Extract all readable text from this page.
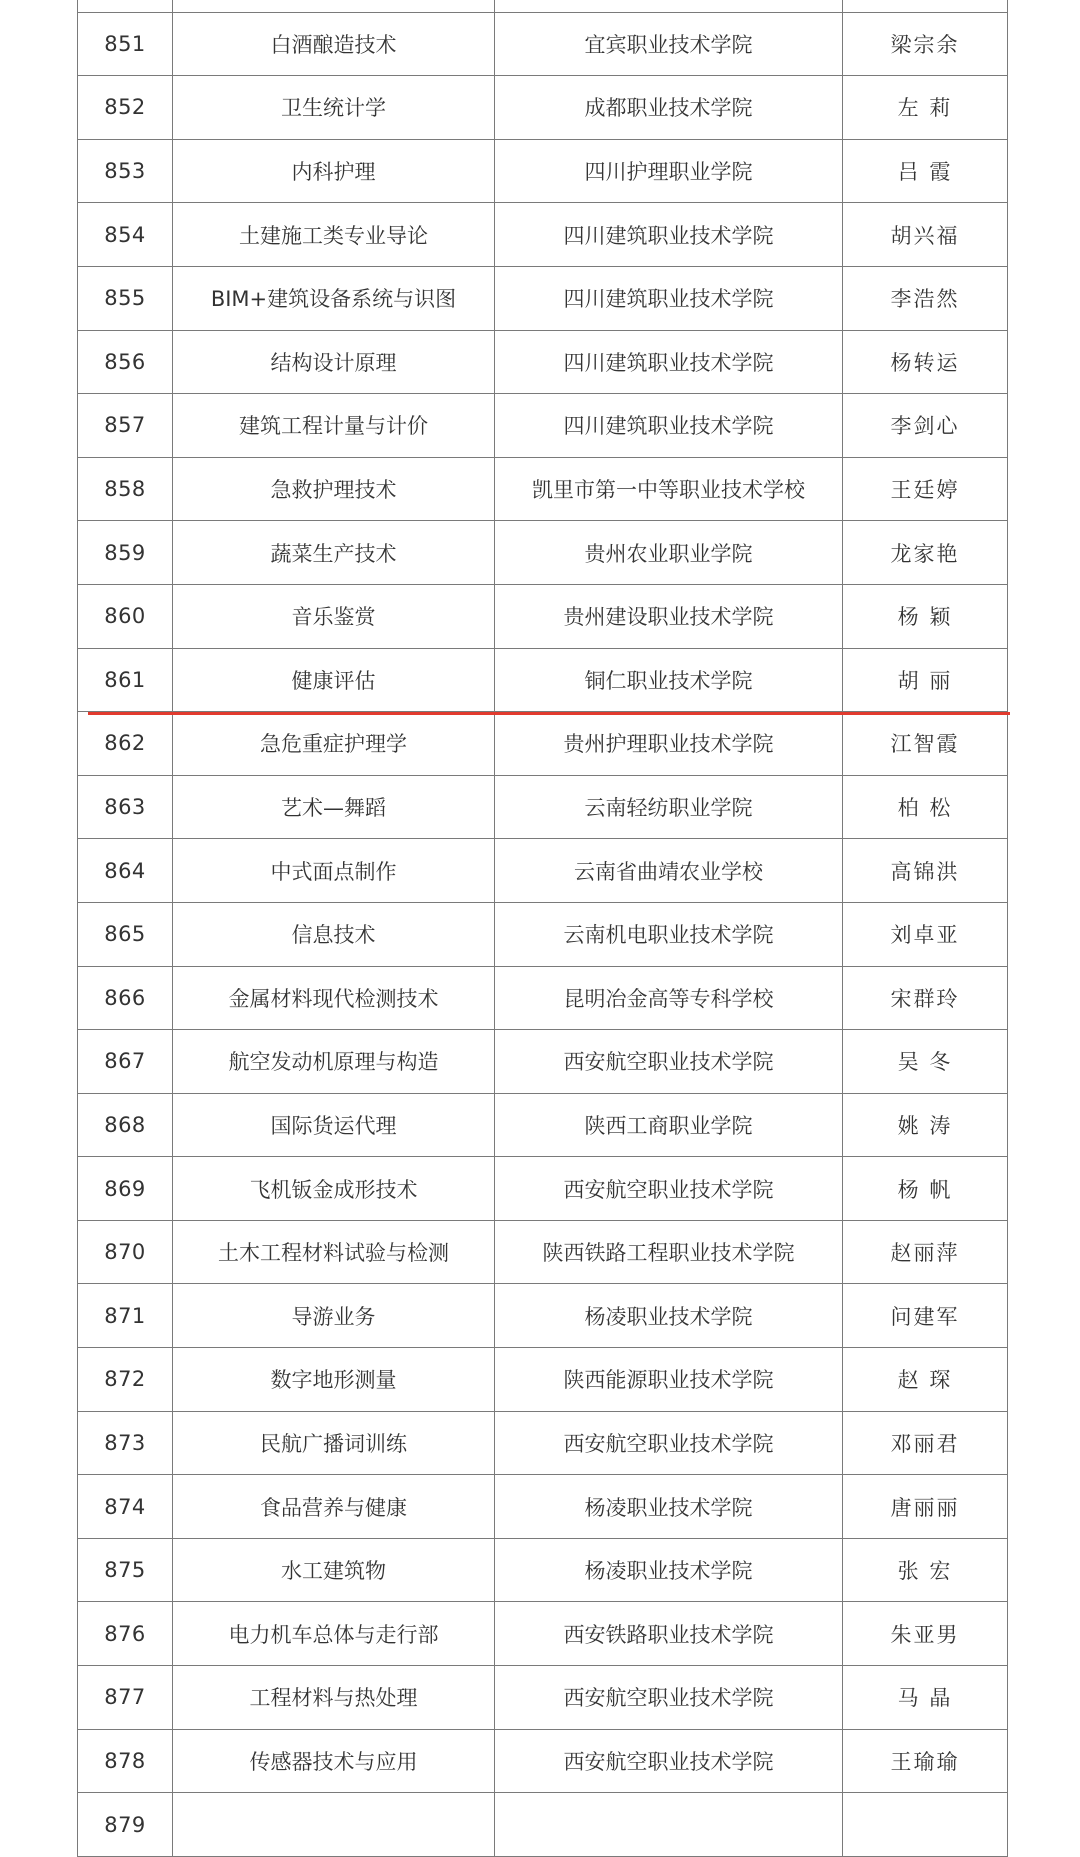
851	白酒酿造技术	宜宾职业技术学院	梁宗余
852	卫生统计学	成都职业技术学院	左 莉
853	内科护理	四川护理职业学院	吕 霞
854	土建施工类专业导论	四川建筑职业技术学院	胡兴福
855	BIM+建筑设备系统与识图	四川建筑职业技术学院	李浩然
856	结构设计原理	四川建筑职业技术学院	杨转运
857	建筑工程计量与计价	四川建筑职业技术学院	李剑心
858	急救护理技术	凯里市第一中等职业技术学校	王廷婷
859	蔬菜生产技术	贵州农业职业学院	龙家艳
860	音乐鉴赏	贵州建设职业技术学院	杨 颖
861	健康评估	铜仁职业技术学院	胡 丽
862	急危重症护理学	贵州护理职业技术学院	江智霞
863	艺术—舞蹈	云南轻纺职业学院	柏 松
864	中式面点制作	云南省曲靖农业学校	高锦洪
865	信息技术	云南机电职业技术学院	刘卓亚
866	金属材料现代检测技术	昆明冶金高等专科学校	宋群玲
867	航空发动机原理与构造	西安航空职业技术学院	吴 冬
868	国际货运代理	陕西工商职业学院	姚 涛
869	飞机钣金成形技术	西安航空职业技术学院	杨 帆
870	土木工程材料试验与检测	陕西铁路工程职业技术学院	赵丽萍
871	导游业务	杨凌职业技术学院	问建军
872	数字地形测量	陕西能源职业技术学院	赵 琛
873	民航广播词训练	西安航空职业技术学院	邓丽君
874	食品营养与健康	杨凌职业技术学院	唐丽丽
875	水工建筑物	杨凌职业技术学院	张 宏
876	电力机车总体与走行部	西安铁路职业技术学院	朱亚男
877	工程材料与热处理	西安航空职业技术学院	马 晶
878	传感器技术与应用	西安航空职业技术学院	王瑜瑜
879			
